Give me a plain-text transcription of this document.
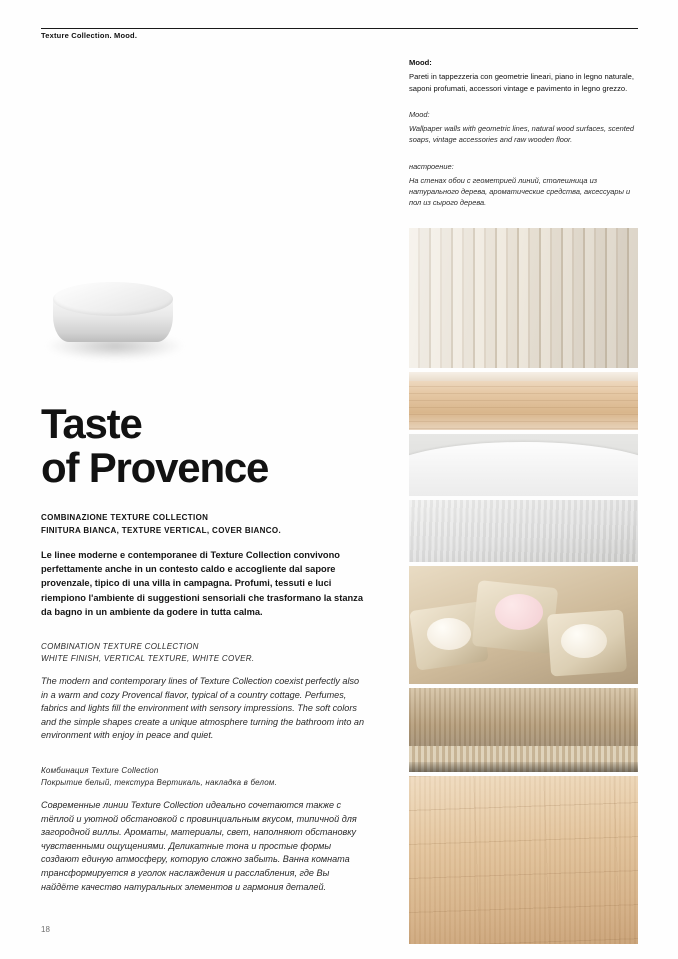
Texture Collection. Mood.
Taste
of Provence
COMBINAZIONE TEXTURE COLLECTION
FINITURA BIANCA, TEXTURE VERTICAL, COVER BIANCO.
Le linee moderne e contemporanee di Texture Collection convivono perfettamente anche in un contesto caldo e accogliente dal sapore provenzale, tipico di una villa in campagna. Profumi, tessuti e luci riempiono l'ambiente di suggestioni sensoriali che trasformano la stanza da bagno in un ambiente da godere in tutta calma.
COMBINATION TEXTURE COLLECTION
WHITE FINISH, VERTICAL TEXTURE, WHITE COVER.
The modern and contemporary lines of Texture Collection coexist perfectly also in a warm and cozy Provencal flavor, typical of a country cottage. Perfumes, fabrics and lights fill the environment with sensory impressions. The soft colors and the simple shapes create a unique atmosphere turning the bathroom into an environment with enjoy in peace and quiet.
Комбинация Texture Collection
Покрытие белый, текстура Вертикаль, накладка в белом.
Современные линии Texture Collection идеально сочетаются также с тёплой и уютной обстановкой с провинциальным вкусом, типичной для загородной виллы. Ароматы, материалы, свет, наполняют обстановку чувственными ощущениями. Деликатные тона и простые формы создают единую атмосферу, которую сложно забыть. Ванна комната трансформируется в уголок наслаждения и расслабления, где Вы найдёте качество натуральных элементов и гармония деталей.
Mood:
Pareti in tappezzeria con geometrie lineari, piano in legno naturale, saponi profumati, accessori vintage e pavimento in legno grezzo.
Mood:
Wallpaper walls with geometric lines, natural wood surfaces, scented soaps, vintage accessories and raw wooden floor.
настроение:
На стенах обои с геометрией линий, столешница из натурального дерева, ароматические средства, аксессуары и пол из сырого дерева.
18
